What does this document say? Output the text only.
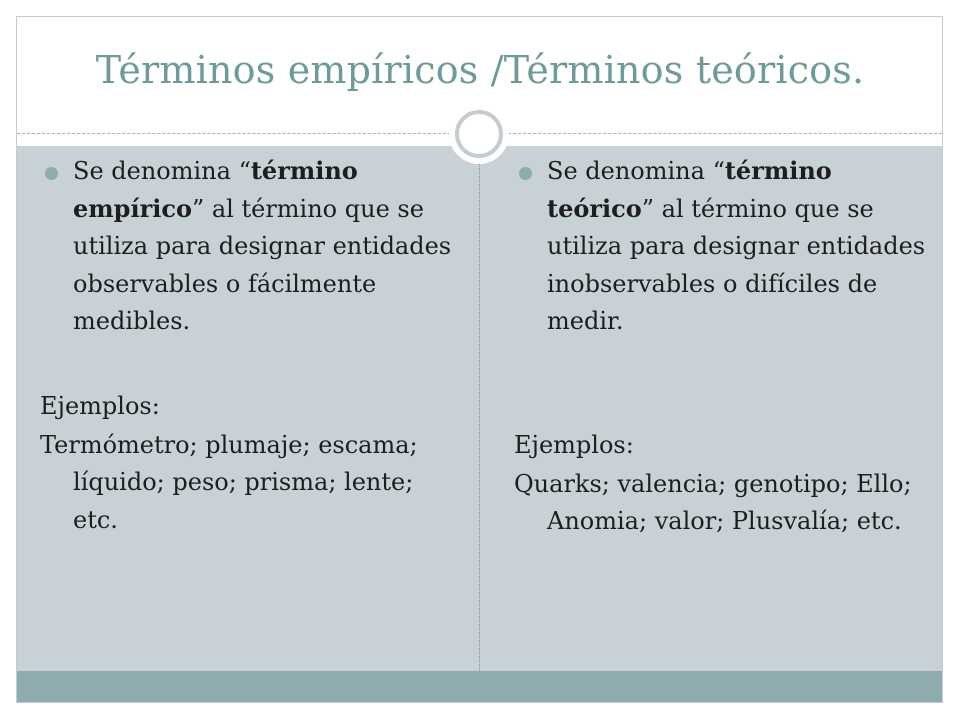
Términos empíricos /Términos teóricos.

Se denomina “término empírico” al término que se utiliza para designar entidades observables o fácilmente medibles.

Ejemplos:

Termómetro; plumaje; escama; líquido; peso; prisma; lente; etc.

Se denomina “término teórico” al término que se utiliza para designar entidades inobservables o difíciles de medir.

Ejemplos:

Quarks; valencia; genotipo; Ello; Anomia; valor; Plusvalía; etc.
